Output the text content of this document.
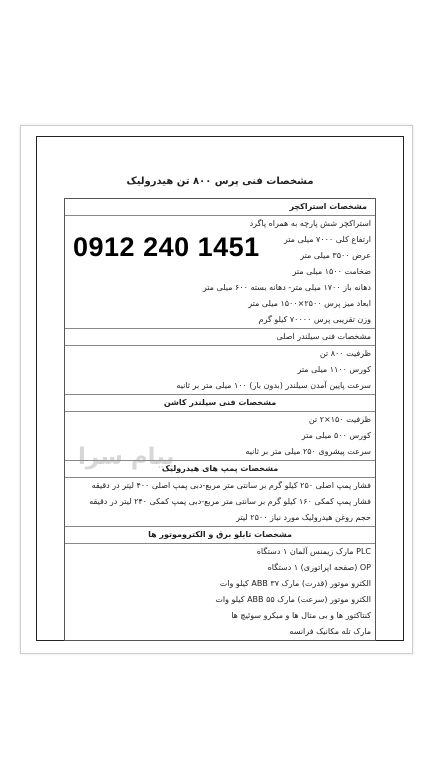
مشخصات فنی پرس ۸۰۰ تن هیدرولیک
مشخصات استراکچر
استراکچر شش پارچه به همراه پاگرد
ارتفاع کلی ۷۰۰۰ میلی متر
عرض ۳۵۰۰ میلی متر
ضخامت ۱۵۰۰ میلی متر
دهانه باز ۱۷۰۰ میلی متر- دهانه بسته ۶۰۰ میلی متر
ابعاد میز پرس ۲۵۰۰×۱۵۰۰ میلی متر
وزن تقریبی پرس ۷۰۰۰۰ کیلو گرم
مشخصات فنی سیلندر اصلی
ظرفیت ۸۰۰ تن
کورس ۱۱۰۰ میلی متر
سرعت پایین آمدن سیلندر (بدون بار) ۱۰۰ میلی متر بر ثانیه
مشخصات فنی سیلندر کاشن
ظرفیت ۱۵۰×۲ تن
کورس ۵۰۰ میلی متر
سرعت پیشروی ۲۵۰ میلی متر بر ثانیه
مشخصات پمپ های هیدرولیک
فشار پمپ اصلی ۲۵۰ کیلو گرم بر سانتی متر مربع-دبی پمپ اصلی ۴۰۰ لیتر در دقیقه
فشار پمپ کمکی ۱۶۰ کیلو گرم بر سانتی متر مربع-دبی پمپ کمکی ۲۴۰ لیتر در دقیقه
حجم روغن هیدرولیک مورد نیاز ۲۵۰۰ لیتر
مشخصات تابلو برق و الکتروموتور ها
PLC مارک زیمنس آلمان ۱ دستگاه
OP (صفحه اپراتوری) ۱ دستگاه
الکترو موتور (قدرت) مارک ABB ۳۷ کیلو وات
الکترو موتور (سرعت) مارک ABB ۵۵ کیلو وات
کنتاکتور ها و بی متال ها و میکرو سوئیچ ها
مارک تله مکانیک فرانسه
0912 240 1451
پیام سرا
